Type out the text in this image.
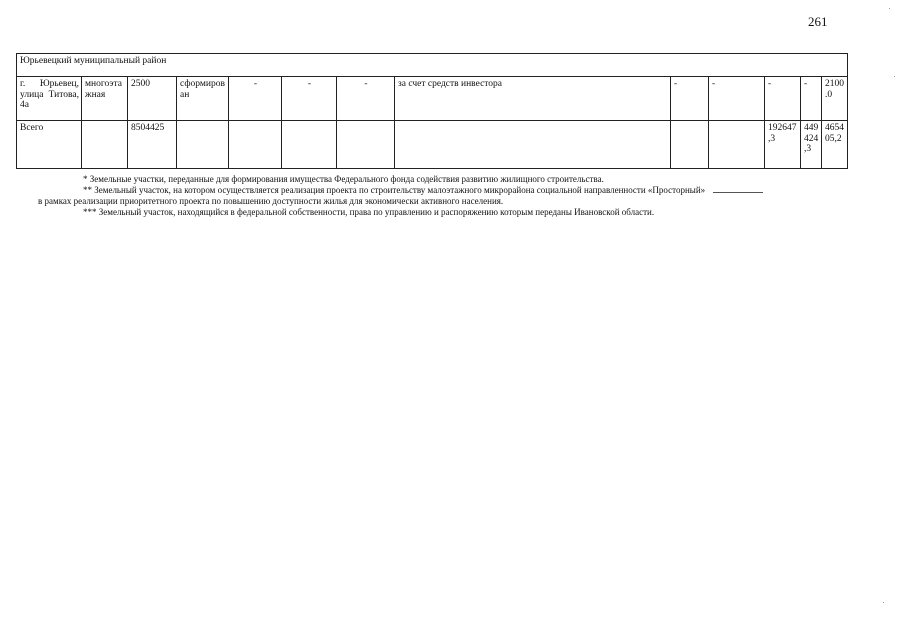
261
Юрьевецкий муниципальный район												
г. Юрьевец, улица Титова, 4а	многоэтажная	2500	сформирован	-	-	-	за счет средств инвестора	-	-	-	-	2100.0
Всего		8504425								192647,3	449424,3	465405,2

* Земельные участки, переданные для формирования имущества Федерального фонда содействия развитию жилищного строительства.

** Земельный участок, на котором осуществляется реализация проекта по строительству малоэтажного микрорайона социальной направленности «Просторный»

в рамках реализации приоритетного проекта по повышению доступности жилья для экономически активного населения.

*** Земельный участок, находящийся в федеральной собственности, права по управлению и распоряжению которым переданы Ивановской области.
